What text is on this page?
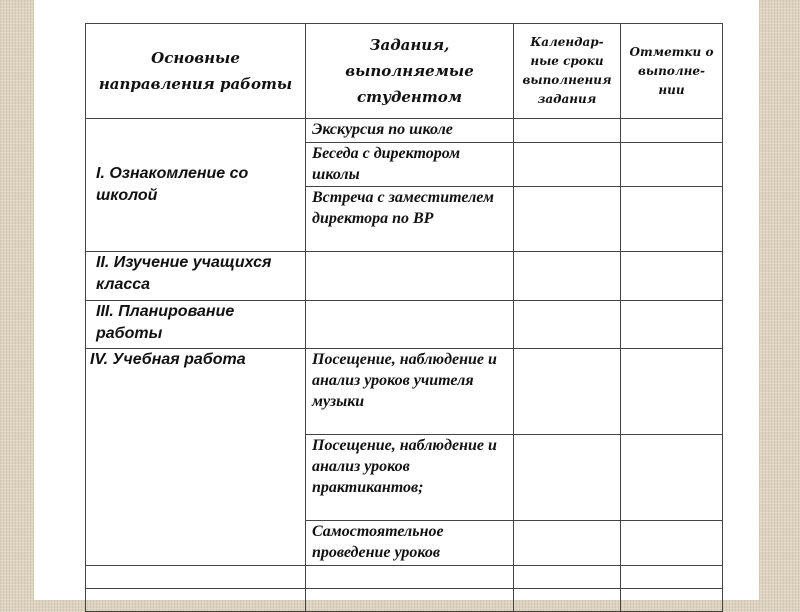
Основные направления работы	Задания, выполняемые студентом	Календар-ные сроки выполнения задания	Отметки о выполне-нии
I. Ознакомление со школой	Экскурсия по школе		
	Беседа с директором школы		
	Встреча с заместителем директора по ВР		
II. Изучение учащихся класса			
III. Планирование работы			
IV. Учебная работа	Посещение, наблюдение и анализ уроков учителя музыки		
	Посещение, наблюдение и анализ уроков практикантов;		
	Самостоятельное проведение уроков		
